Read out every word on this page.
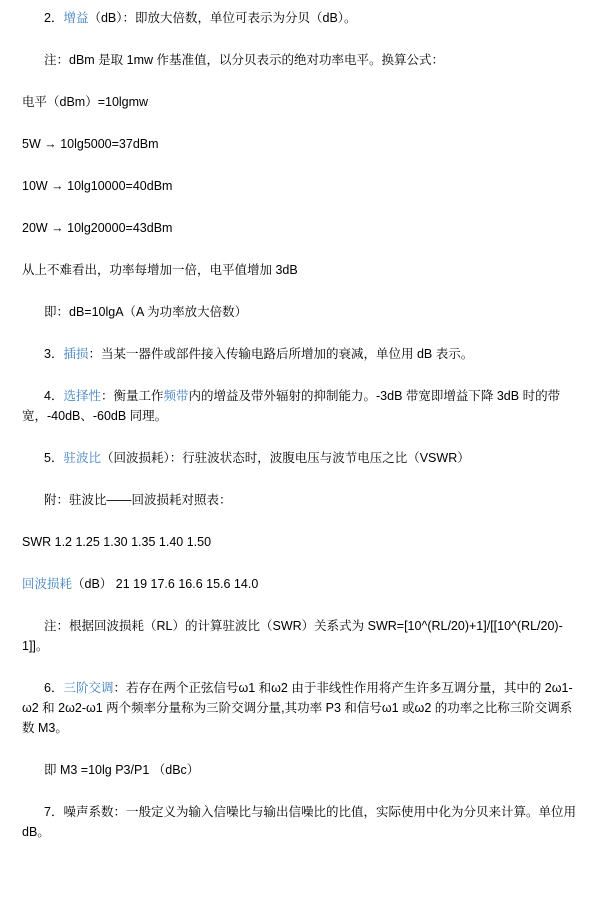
2．增益（dB）：即放大倍数，单位可表示为分贝（dB）。

注：dBm 是取 1mw 作基准值，以分贝表示的绝对功率电平。换算公式：

电平（dBm）=10lgmw

5W → 10lg5000=37dBm

10W → 10lg10000=40dBm

20W → 10lg20000=43dBm

从上不难看出，功率每增加一倍，电平值增加 3dB

即：dB=10lgA（A 为功率放大倍数）

3．插损：当某一器件或部件接入传输电路后所增加的衰减，单位用 dB 表示。

4．选择性：衡量工作频带内的增益及带外辐射的抑制能力。-3dB 带宽即增益下降 3dB 时的带宽，-40dB、-60dB 同理。

5．驻波比（回波损耗）：行驻波状态时，波腹电压与波节电压之比（VSWR）

附：驻波比——回波损耗对照表：

SWR 1.2 1.25 1.30 1.35 1.40 1.50

回波损耗（dB） 21 19 17.6 16.6 15.6 14.0

注：根据回波损耗（RL）的计算驻波比（SWR）关系式为 SWR=[10^(RL/20)+1]/[[10^(RL/20)-1]]。

6．三阶交调：若存在两个正弦信号ω1 和ω2 由于非线性作用将产生许多互调分量，其中的 2ω1-ω2 和 2ω2-ω1 两个频率分量称为三阶交调分量,其功率 P3 和信号ω1 或ω2 的功率之比称三阶交调系数 M3。

即 M3 =10lg P3/P1 （dBc）

7．噪声系数：一般定义为输入信噪比与输出信噪比的比值，实际使用中化为分贝来计算。单位用 dB。
